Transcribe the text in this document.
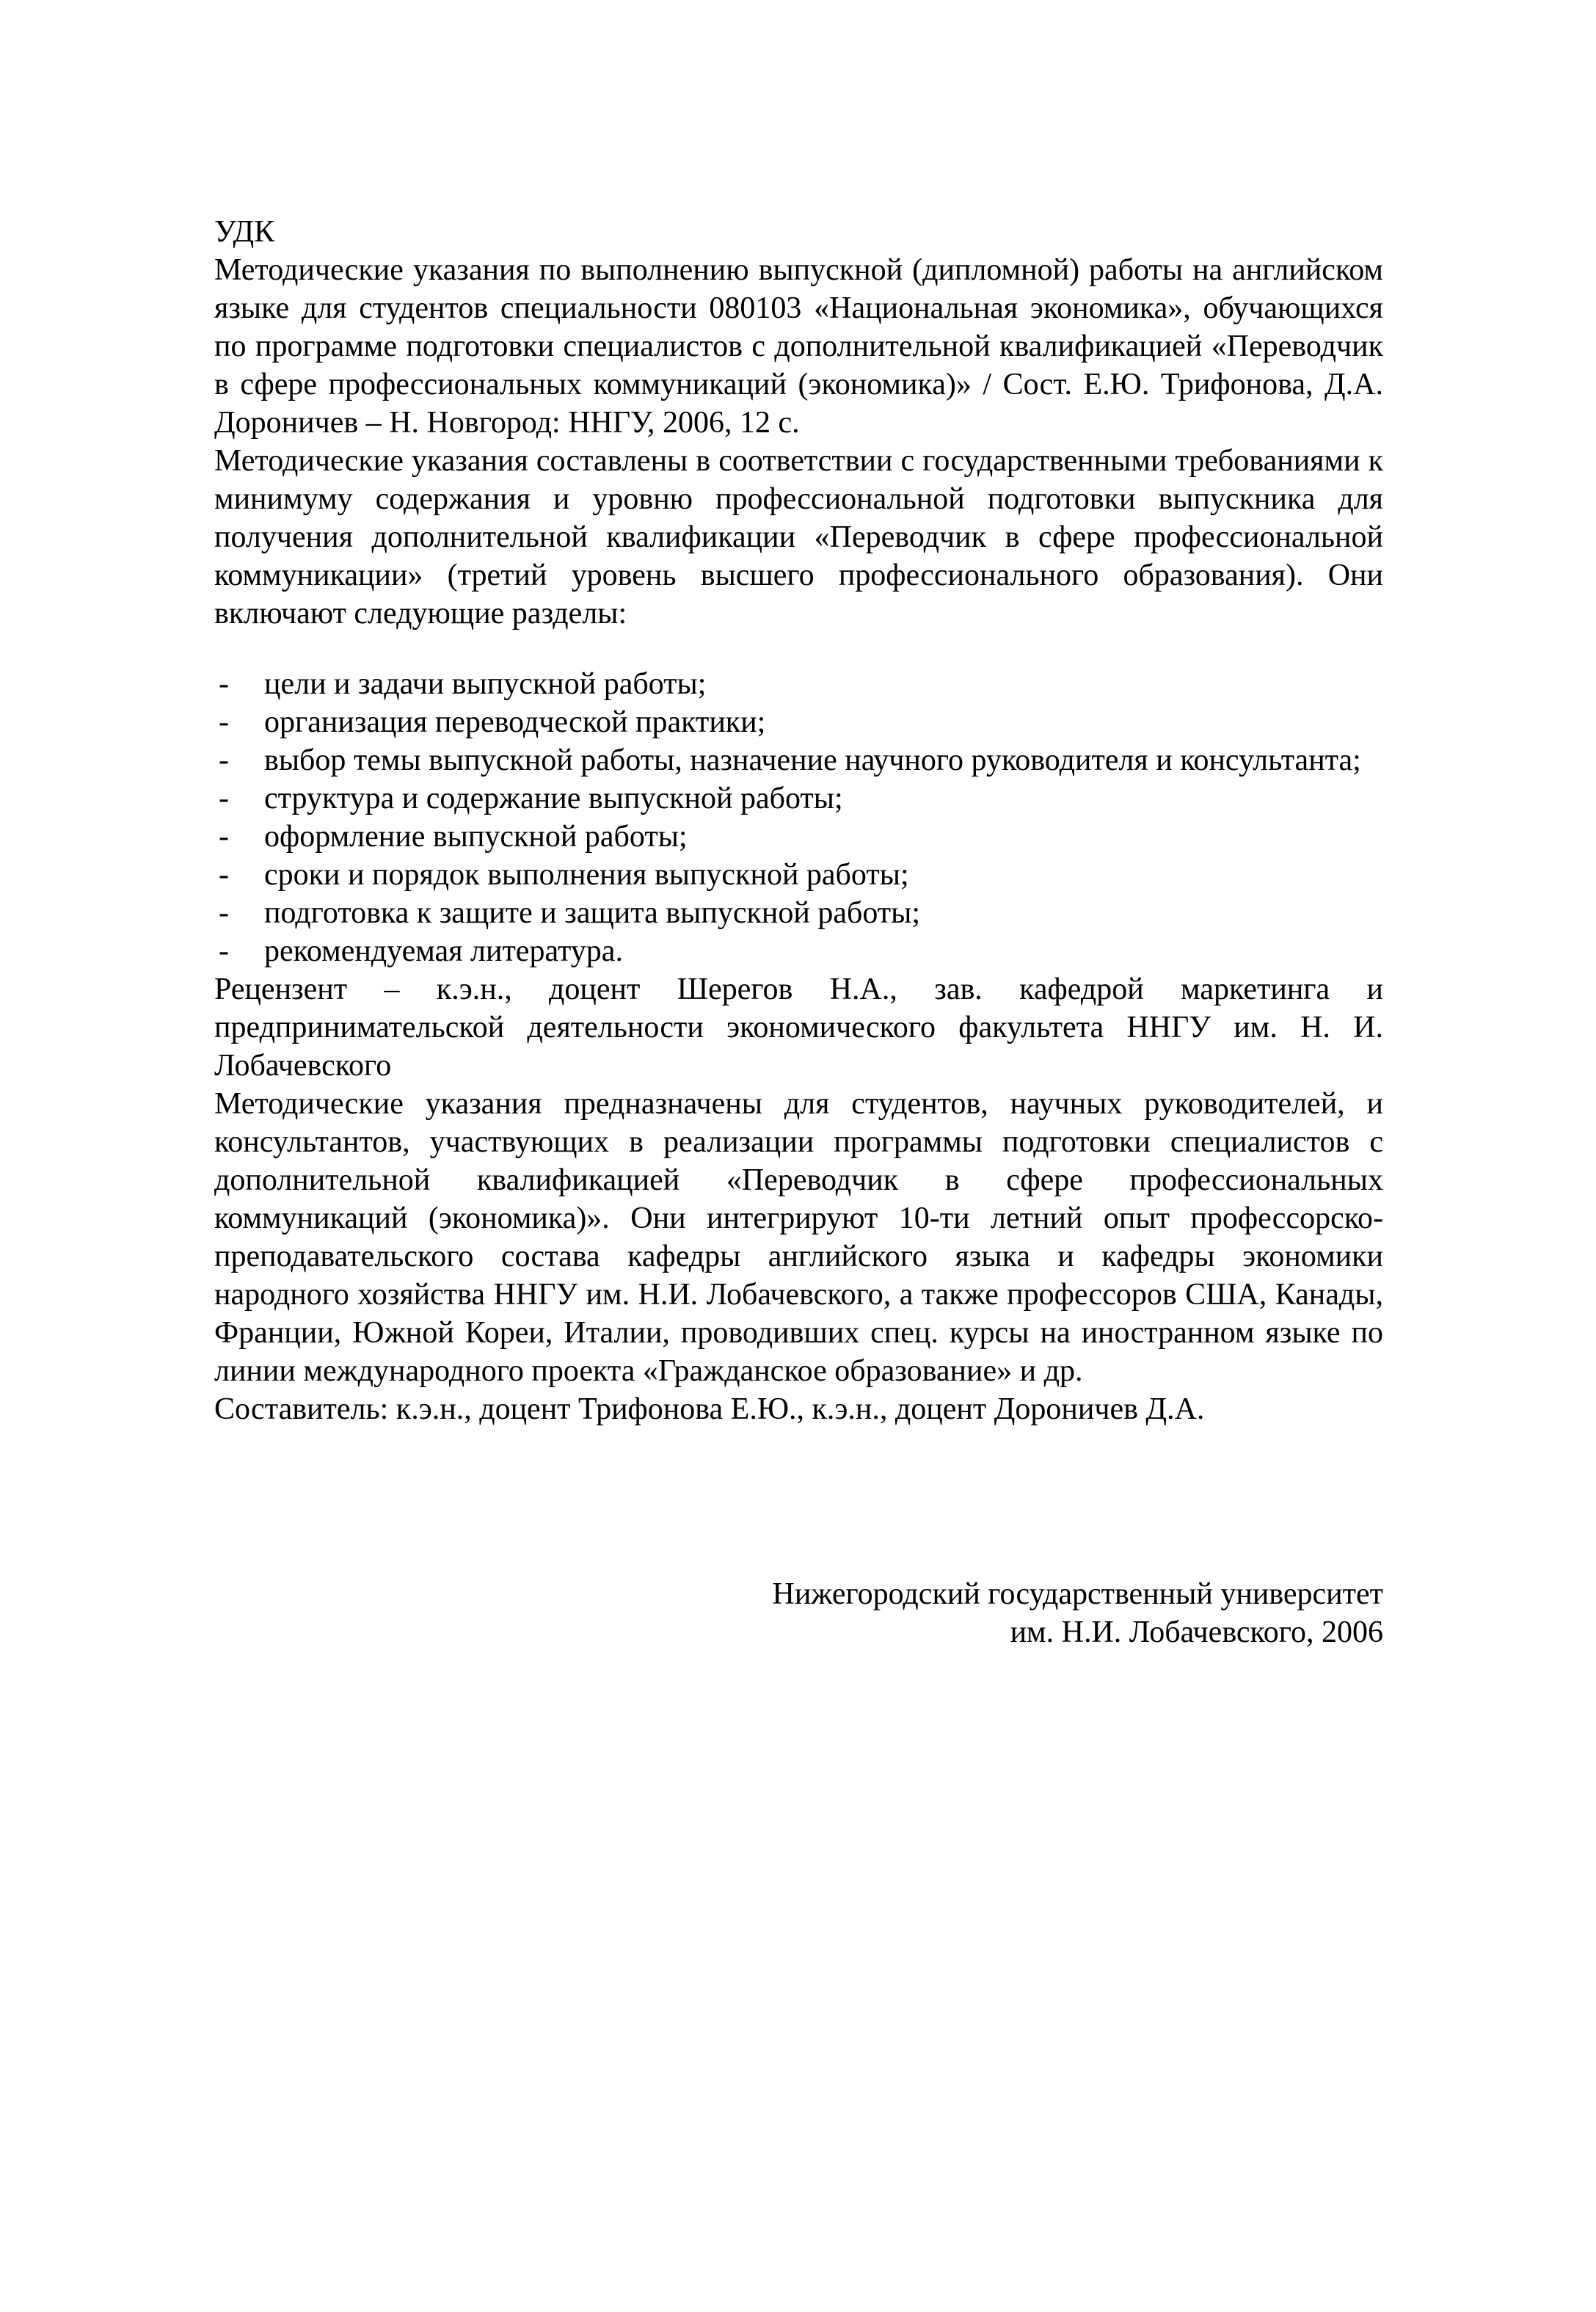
УДК

Методические указания по выполнению выпускной (дипломной) работы на английском языке для студентов специальности 080103 «Национальная экономика», обучающихся по программе подготовки специалистов с дополнительной квалификацией «Переводчик в сфере профессиональных коммуникаций (экономика)» / Сост. Е.Ю. Трифонова, Д.А. Дороничев – Н. Новгород: ННГУ, 2006, 12 с.

Методические указания составлены в соответствии с государственными требованиями к минимуму содержания и уровню профессиональной подготовки выпускника для получения дополнительной квалификации «Переводчик в сфере профессиональной коммуникации» (третий уровень высшего профессионального образования). Они включают следующие разделы:

-	цели и задачи выпускной работы;
-	организация переводческой практики;
-	выбор темы выпускной работы, назначение научного руководителя и консультанта;
-	структура и содержание выпускной работы;
-	оформление выпускной работы;
-	сроки и порядок выполнения выпускной работы;
-	подготовка к защите и защита выпускной работы;
-	рекомендуемая литература.

Рецензент – к.э.н., доцент Шерегов Н.А., зав. кафедрой маркетинга и предпринимательской деятельности экономического факультета ННГУ им. Н. И. Лобачевского

Методические указания предназначены для студентов, научных руководителей, и консультантов, участвующих в реализации программы подготовки специалистов с дополнительной квалификацией «Переводчик в сфере профессиональных коммуникаций (экономика)». Они интегрируют 10-ти летний опыт профессорско-преподавательского состава кафедры английского языка и кафедры экономики народного хозяйства ННГУ им. Н.И. Лобачевского, а также профессоров США, Канады, Франции, Южной Кореи, Италии, проводивших спец. курсы на иностранном языке по линии международного проекта «Гражданское образование» и др.

Составитель: к.э.н., доцент Трифонова Е.Ю., к.э.н., доцент Дороничев Д.А.

Нижегородский государственный университет
им. Н.И. Лобачевского, 2006
